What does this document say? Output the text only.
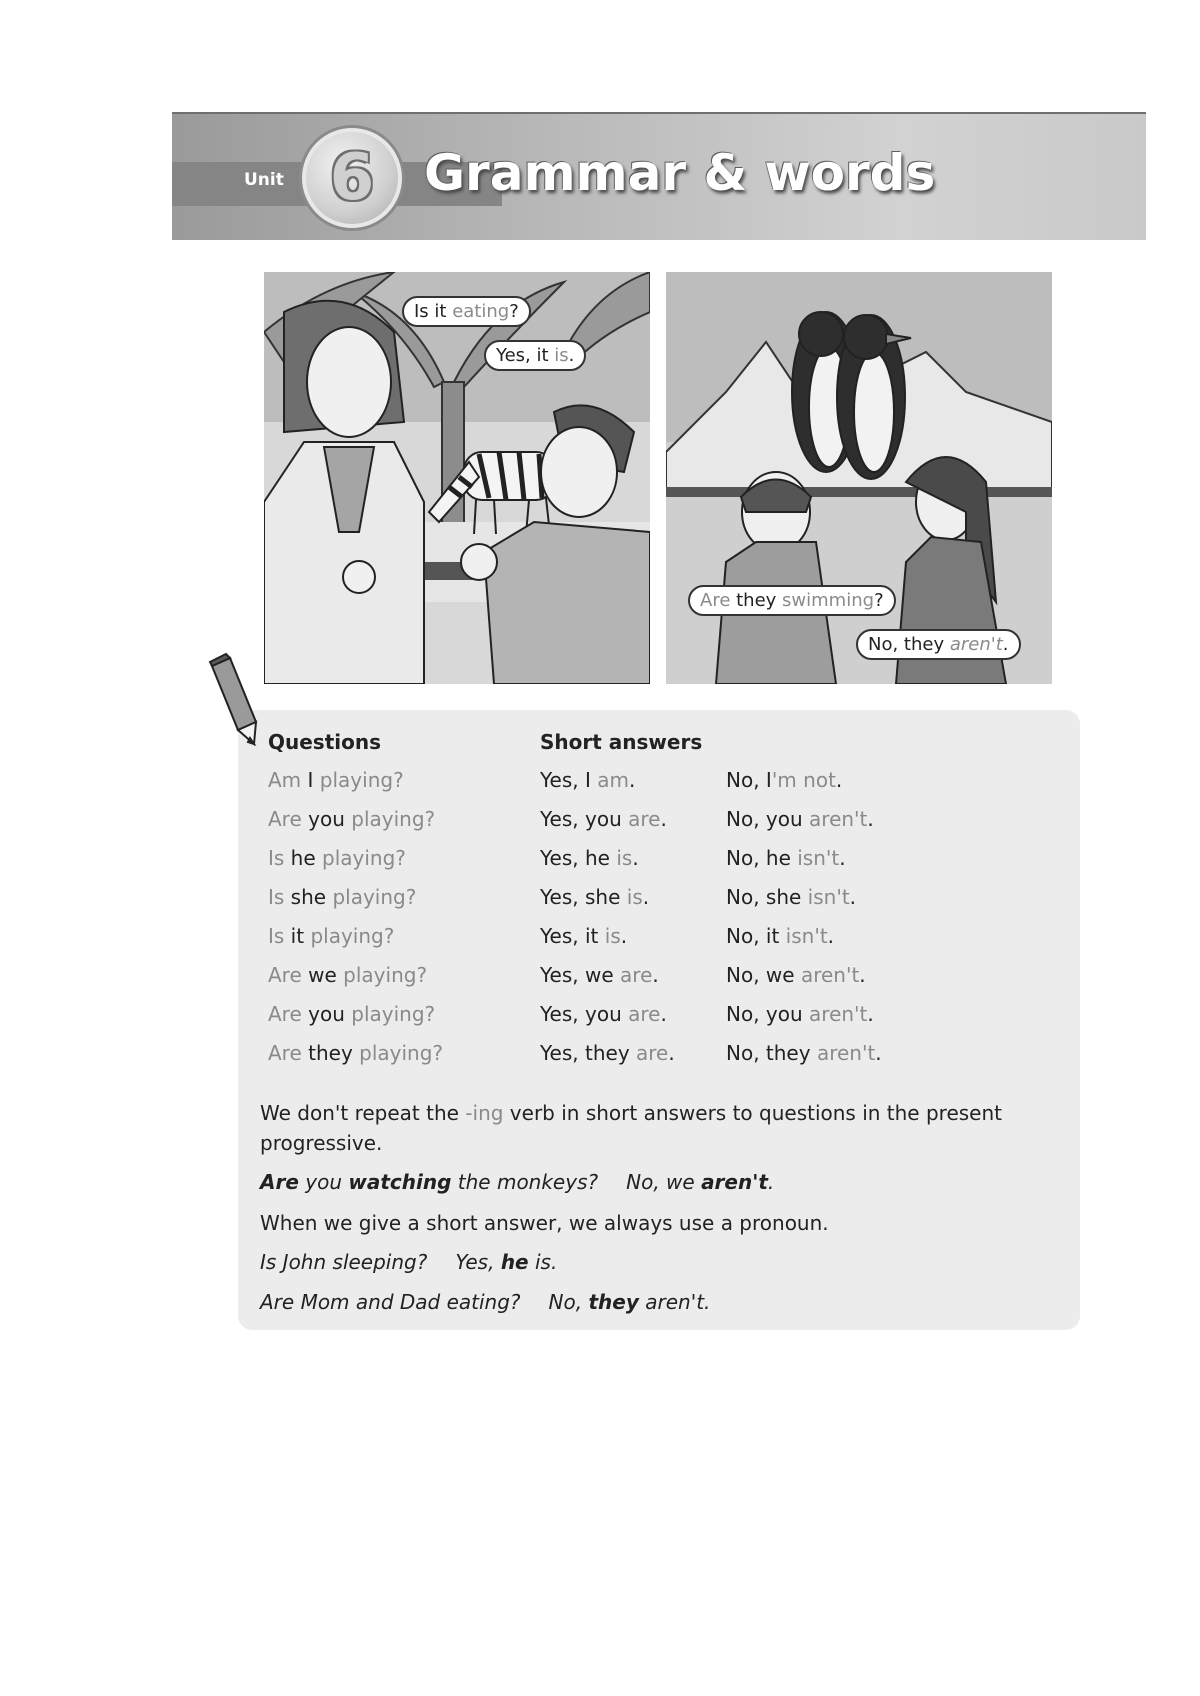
Unit 6 Grammar & words
Is it eating?
Yes, it is.
Are they swimming?
No, they aren't.
Questions	Short answers
Am I playing?	Yes, I am.	No, I'm not.
Are you playing?	Yes, you are.	No, you aren't.
Is he playing?	Yes, he is.	No, he isn't.
Is she playing?	Yes, she is.	No, she isn't.
Is it playing?	Yes, it is.	No, it isn't.
Are we playing?	Yes, we are.	No, we aren't.
Are you playing?	Yes, you are.	No, you aren't.
Are they playing?	Yes, they are.	No, they aren't.
We don't repeat the -ing verb in short answers to questions in the present progressive.
Are you watching the monkeys? No, we aren't.
When we give a short answer, we always use a pronoun.
Is John sleeping? Yes, he is.
Are Mom and Dad eating? No, they aren't.
